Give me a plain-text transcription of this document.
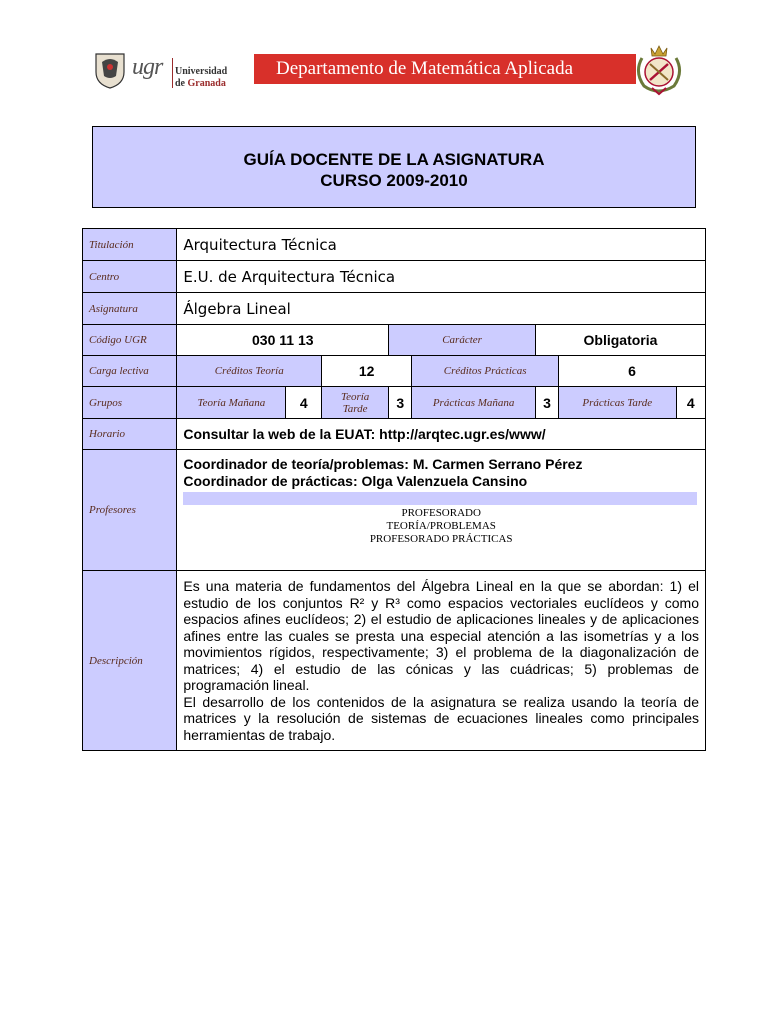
ugr Universidad
de Granada
Departamento de Matemática Aplicada
GUÍA DOCENTE DE LA ASIGNATURA
CURSO 2009-2010
Titulación	Arquitectura Técnica							
Centro	E.U. de Arquitectura Técnica							
Asignatura	Álgebra Lineal							
Código UGR	030 11 13			Carácter		Obligatoria		
Carga lectiva	Créditos Teoría		12		Créditos Prácticas		6	
Grupos	Teoría Mañana	4	Teoría Tarde	3	Prácticas Mañana	3	Prácticas Tarde	4
Horario	Consultar la web de la EUAT: http://arqtec.ugr.es/www/							
Profesores	Coordinador de teoría/problemas: M. Carmen Serrano Pérez
Coordinador de prácticas: Olga Valenzuela Cansino
PROFESORADO
TEORÍA/PROBLEMAS
PROFESORADO PRÁCTICAS							

Descripción	Es una materia de fundamentos del Álgebra Lineal en la que se abordan: 1) el estudio de los conjuntos R² y R³ como espacios vectoriales euclídeos y como espacios afines euclídeos; 2) el estudio de aplicaciones lineales y de aplicaciones afines entre las cuales se presta una especial atención a las isometrías y a los movimientos rígidos, respectivamente; 3) el problema de la diagonalización de matrices; 4) el estudio de las cónicas y las cuádricas; 5) problemas de programación lineal.
El desarrollo de los contenidos de la asignatura se realiza usando la teoría de matrices y la resolución de sistemas de ecuaciones lineales como principales herramientas de trabajo.							
